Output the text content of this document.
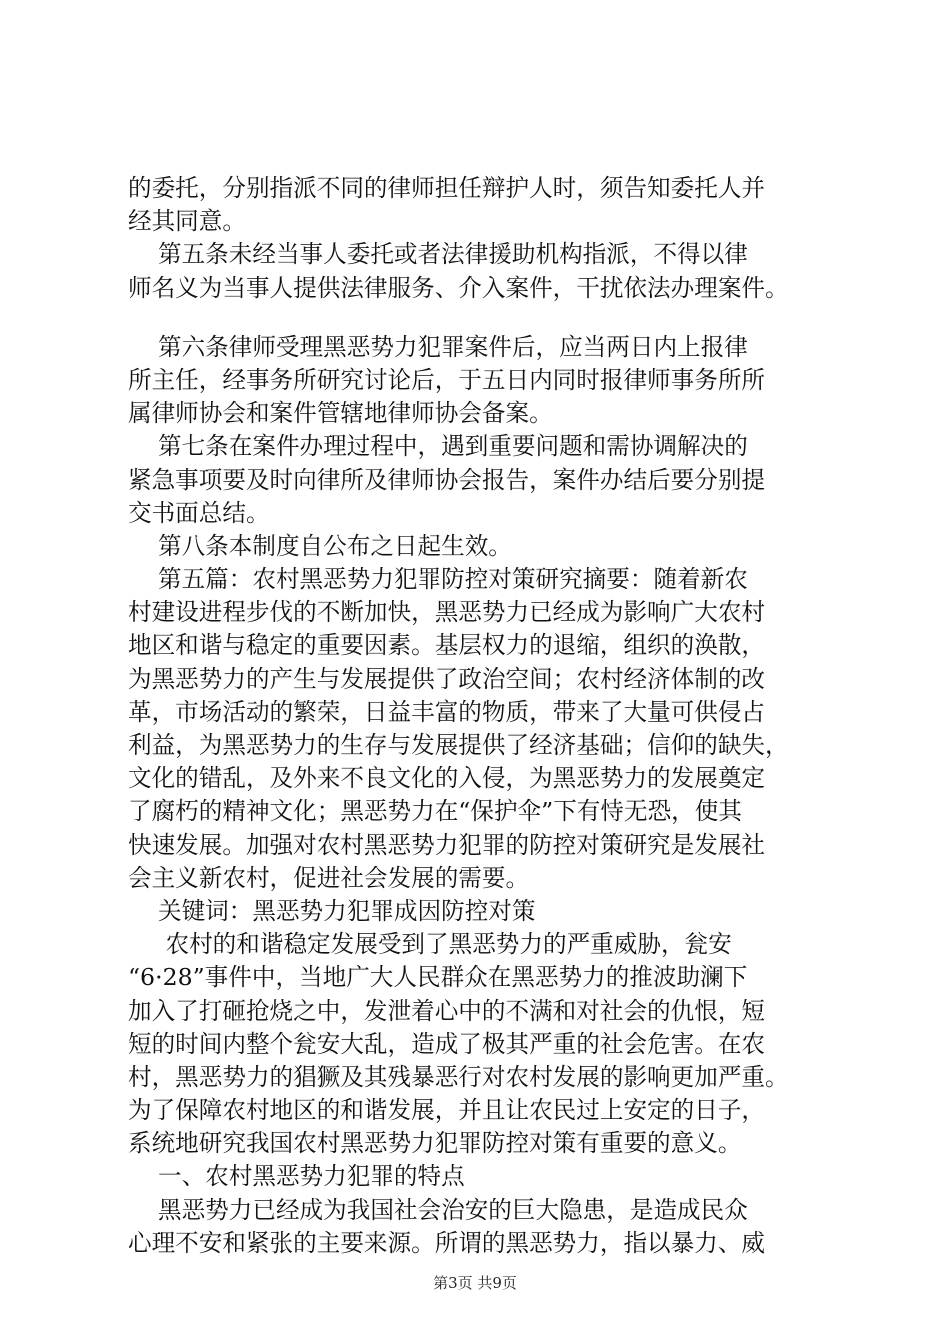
的委托，分别指派不同的律师担任辩护人时，须告知委托人并
经其同意。
第五条未经当事人委托或者法律援助机构指派，不得以律
师名义为当事人提供法律服务、介入案件，干扰依法办理案件。
第六条律师受理黑恶势力犯罪案件后，应当两日内上报律
所主任，经事务所研究讨论后，于五日内同时报律师事务所所
属律师协会和案件管辖地律师协会备案。
第七条在案件办理过程中，遇到重要问题和需协调解决的
紧急事项要及时向律所及律师协会报告，案件办结后要分别提
交书面总结。
第八条本制度自公布之日起生效。
第五篇：农村黑恶势力犯罪防控对策研究摘要：随着新农
村建设进程步伐的不断加快，黑恶势力已经成为影响广大农村
地区和谐与稳定的重要因素。基层权力的退缩，组织的涣散，
为黑恶势力的产生与发展提供了政治空间；农村经济体制的改
革，市场活动的繁荣，日益丰富的物质，带来了大量可供侵占
利益，为黑恶势力的生存与发展提供了经济基础；信仰的缺失，
文化的错乱，及外来不良文化的入侵，为黑恶势力的发展奠定
了腐朽的精神文化；黑恶势力在“保护伞”下有恃无恐，使其
快速发展。加强对农村黑恶势力犯罪的防控对策研究是发展社
会主义新农村，促进社会发展的需要。
关键词：黑恶势力犯罪成因防控对策
农村的和谐稳定发展受到了黑恶势力的严重威胁，瓮安
“6·28”事件中，当地广大人民群众在黑恶势力的推波助澜下
加入了打砸抢烧之中，发泄着心中的不满和对社会的仇恨，短
短的时间内整个瓮安大乱，造成了极其严重的社会危害。在农
村，黑恶势力的猖獗及其残暴恶行对农村发展的影响更加严重。
为了保障农村地区的和谐发展，并且让农民过上安定的日子，
系统地研究我国农村黑恶势力犯罪防控对策有重要的意义。
一、农村黑恶势力犯罪的特点
黑恶势力已经成为我国社会治安的巨大隐患，是造成民众
心理不安和紧张的主要来源。所谓的黑恶势力，指以暴力、威
第3页 共9页
